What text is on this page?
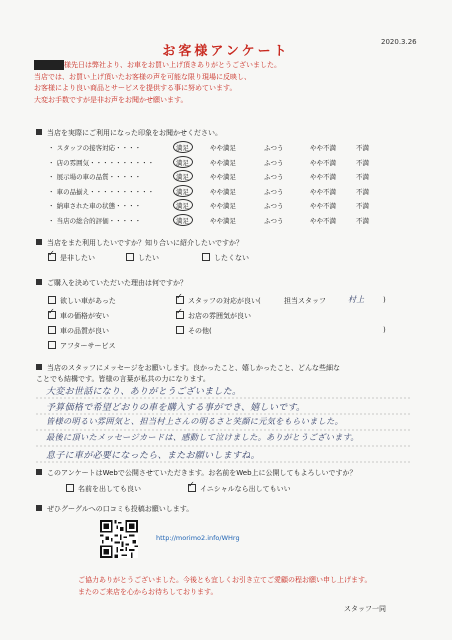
2020.3.26
お客様アンケート
様先日は弊社より、お車をお買い上げ頂きありがとうございました。
当店では、お買い上げ頂いたお客様の声を可能な限り現場に反映し、
お客様により良い商品とサービスを提供する事に努めています。
大変お手数ですが是非お声をお聞かせ願います。
当店を実際にご利用になった印象をお聞かせください。
・ スタッフの接客対応・・・・	満足	やや満足	ふつう	やや不満	不満
・ 店の雰囲気・・・・・・・・・・	満足	やや満足	ふつう	やや不満	不満
・ 展示場の車の品質・・・・・	満足	やや満足	ふつう	やや不満	不満
・ 車の品揃え・・・・・・・・・・	満足	やや満足	ふつう	やや不満	不満
・ 納車された車の状態・・・・	満足	やや満足	ふつう	やや不満	不満
・ 当店の総合的評価・・・・・	満足	やや満足	ふつう	やや不満	不満
当店をまた利用したいですか？知り合いに紹介したいですか？
✓是非したい	したい	したくない
ご購入を決めていただいた理由は何ですか？
欲しい車があった
✓車の価格が安い
車の品質が良い
アフターサービス
✓スタッフの対応が良い(	担当スタッフ	村上	)
✓お店の雰囲気が良い
その他(	)
当店のスタッフにメッセージをお願いします。良かったこと、嬉しかったこと、どんな些細な
ことでも結構です。皆様の言葉が私共の力になります。
大変お世話になり、ありがとうございました。
予算価格で希望どおりの車を購入する事ができ、嬉しいです。
皆様の明るい雰囲気と、担当村上さんの明るさと笑顔に元気をもらいました。
最後に頂いたメッセージカードは、感動して泣けました。ありがとうございます。
息子に車が必要になったら、またお願いしますね。
このアンケートはWebで公開させていただきます。お名前をWeb上に公開してもよろしいですか？
名前を出しても良い ✓	イニシャルなら出してもいい
ぜひグーグルへの口コミも投稿お願いします。
http://morimo2.info/WHrg
ご協力ありがとうございました。今後とも宜しくお引き立てご愛顧の程お願い申し上げます。
またのご来店を心からお待ちしております。
スタッフ一同
